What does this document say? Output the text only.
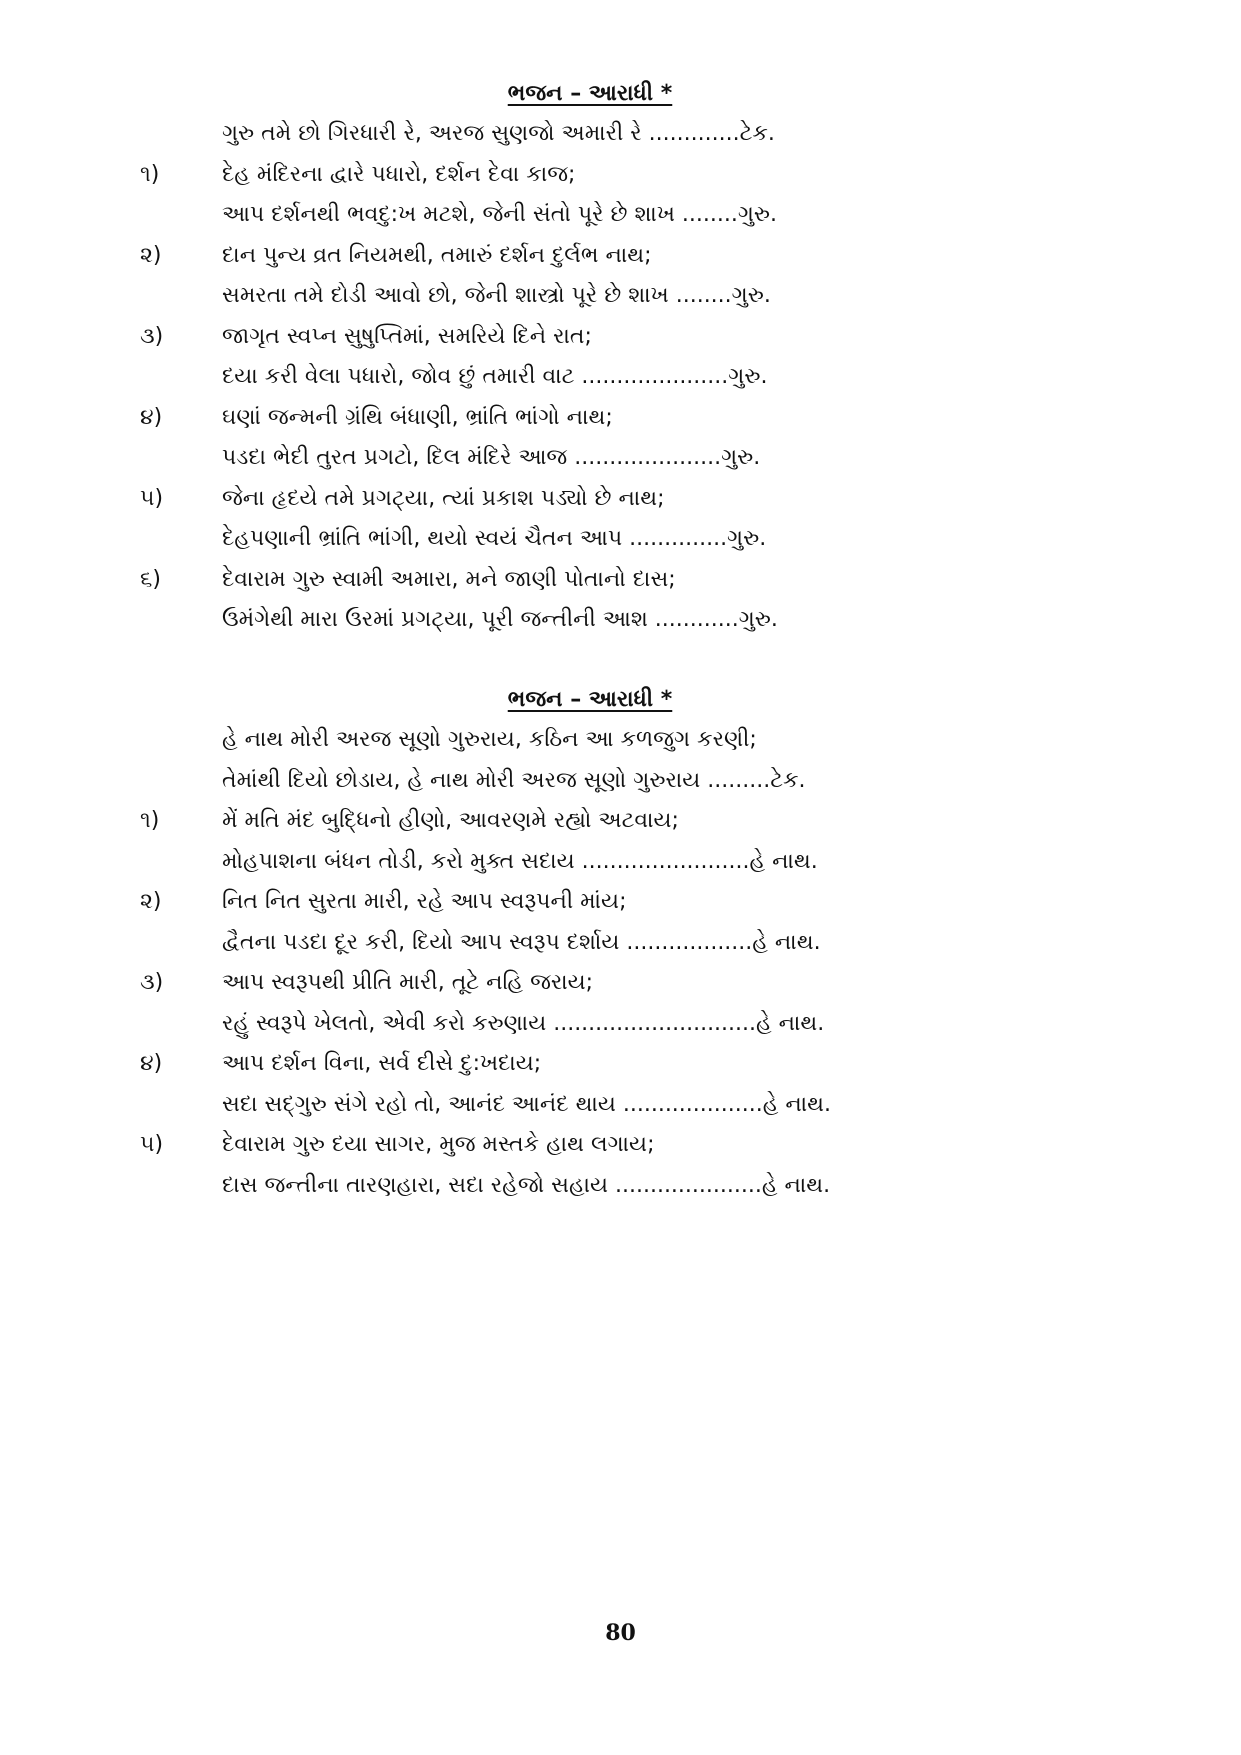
ભજન – આરાધી *
ગુરુ તમે છો ગિરધારી રે, અરજ સુણજો અમારી રે .............ટેક.
૧)	દેહ મંદિરના દ્વારે પધારો, દર્શન દેવા કાજ;
આપ દર્શનથી ભવદુ:ખ મટશે, જેની સંતો પૂરે છે શાખ ........ગુરુ.
૨)	દાન પુન્ય વ્રત નિયમથી, તમારું દર્શન દુર્લભ નાથ;
સમરતા તમે દોડી આવો છો, જેની શાસ્ત્રો પૂરે છે શાખ ........ગુરુ.
૩)	જાગૃત સ્વપ્ન સુષુપ્તિમાં, સમરિયે દિને રાત;
દયા કરી વેલા પધારો, જોવ છું તમારી વાટ .....................ગુરુ.
૪)	ઘણાં જન્મની ગ્રંથિ બંધાણી, ભ્રાંતિ ભાંગો નાથ;
પડદા ભેદી તુરત પ્રગટો, દિલ મંદિરે આજ .....................ગુરુ.
૫)	જેના હૃદયે તમે પ્રગટ્યા, ત્યાં પ્રકાશ પડ્યો છે નાથ;
દેહપણાની ભ્રાંતિ ભાંગી, થયો સ્વયં ચૈતન આપ ..............ગુરુ.
૬)	દેવારામ ગુરુ સ્વામી અમારા, મને જાણી પોતાનો દાસ;
ઉમંગેથી મારા ઉરમાં પ્રગટ્યા, પૂરી જન્તીની આશ ............ગુરુ.
ભજન – આરાધી *
હે નાથ મોરી અરજ સૂણો ગુરુરાય, કઠિન આ કળજુગ કરણી;
તેમાંથી દિયો છોડાય, હે નાથ મોરી અરજ સૂણો ગુરુરાય .........ટેક.
૧)	મેં મતિ મંદ બુદ્ધિનો હીણો, આવરણમે રહ્યો અટવાય;
મોહપાશના બંધન તોડી, કરો મુક્ત સદાય ........................હે નાથ.
૨)	નિત નિત સુરતા મારી, રહે આપ સ્વરૂપની માંય;
દ્વૈતના પડદા દૂર કરી, દિયો આપ સ્વરૂપ દર્શાય ..................હે નાથ.
૩)	આપ સ્વરૂપથી પ્રીતિ મારી, તૂટે નહિ જરાય;
રહું સ્વરૂપે ખેલતો, એવી કરો કરુણાય .............................હે નાથ.
૪)	આપ દર્શન વિના, સર્વ દીસે દુ:ખદાય;
સદા સદ્‌ગુરુ સંગે રહો તો, આનંદ આનંદ થાય ....................હે નાથ.
૫)	દેવારામ ગુરુ દયા સાગર, મુજ મસ્તકે હાથ લગાય;
દાસ જન્તીના તારણહારા, સદા રહેજો સહાય .....................હે નાથ.
80
